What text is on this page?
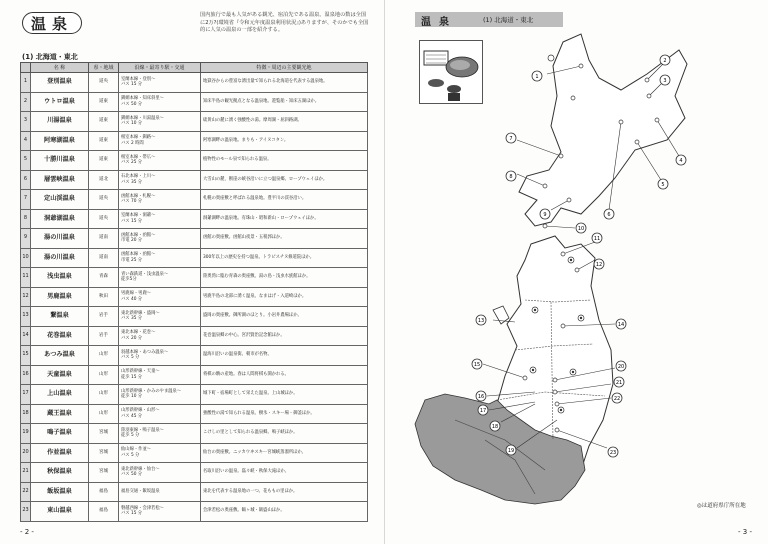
温泉	国内旅行で最も人気がある観光、宿泊先である温泉。温泉地の数は全国に2万?(環境省『令和元年度温泉利用状況』)ありますが、そのかでも全国的に人気の温泉の一部を紹介する。
(1) 北海道・東北
	名 称	県・地域	沿線・最寄り駅・交通	特徴・周辺の主要観光地
1	登別温泉	道央	室蘭本線・登別〜
バス 15 分	地獄谷からの豊富な湧出量で知られる北海道を代表する温泉地。
2	ウトロ温泉	道東	釧網本線・知床斜里〜
バス 50 分	知床半島の観光拠点となる温泉地。遊覧船・知床五湖ほか。
3	川湯温泉	道東	釧網本線・川湯温泉〜
バス 10 分	硫黄山の麓に湧く強酸性の湯。摩周湖・屈斜路湖。
4	阿寒湖温泉	道東	根室本線・釧路〜
バス 2 時間	阿寒湖畔の温泉地。まりも・アイヌコタン。
5	十勝川温泉	道東	根室本線・帯広〜
バス 25 分	植物性のモール泉で知られる温泉。
6	層雲峡温泉	道北	石北本線・上川〜
バス 35 分	大雪山の麓、断崖の峡谷沿いに立つ温泉郷。ロープウェイほか。
7	定山渓温泉	道央	函館本線・札幌〜
バス 70 分	札幌の奥座敷と呼ばれる温泉地。豊平川の渓谷沿い。
8	洞爺湖温泉	道央	室蘭本線・洞爺〜
バス 15 分	洞爺湖畔の温泉地。有珠山・昭和新山・ロープウェイほか。
9	湯の川温泉	道南	函館本線・函館〜
市電 20 分	函館の奥座敷。函館山夜景・五稜郭ほか。
10	湯の川温泉	道南	函館本線・函館〜
市電 25 分	300年以上の歴史を持つ温泉。トラピスチヌ修道院ほか。
11	浅虫温泉	青森	青い森鉄道・浅虫温泉〜
徒歩5分	陸奥湾に臨む青森の奥座敷。湯の島・浅虫水族館ほか。
12	男鹿温泉	秋田	男鹿線・男鹿〜
バス 40 分	男鹿半島の北部に湧く温泉。なまはげ・入道崎ほか。
13	繋温泉	岩手	東北新幹線・盛岡〜
バス 35 分	盛岡の奥座敷。御所湖のほとり。小岩井農場ほか。
14	花巻温泉	岩手	東北本線・花巻〜
バス 20 分	花巻温泉郷の中心。宮沢賢治記念館ほか。
15	あつみ温泉	山形	羽越本線・あつみ温泉〜
バス 5 分	温海川沿いの温泉街。朝市が名物。
16	天童温泉	山形	山形新幹線・天童〜
徒歩 15 分	将棋の駒の産地。春は人間将棋も開かれる。
17	上山温泉	山形	山形新幹線・かみのやま温泉〜
徒歩 10 分	城下町・宿場町として栄えた温泉。上山城ほか。
18	蔵王温泉	山形	山形新幹線・山形〜
バス 45 分	強酸性の湯で知られる温泉。樹氷・スキー場・御釜ほか。
19	鳴子温泉	宮城	陸羽東線・鳴子温泉〜
徒歩 5 分	こけしの里として知られる温泉郷。鳴子峡ほか。
20	作並温泉	宮城	仙山線・作並〜
バス 5 分	仙台の奥座敷。ニッカウヰスキー宮城峡蒸溜所ほか。
21	秋保温泉	宮城	東北新幹線・仙台〜
バス 50 分	名取川沿いの温泉。磊々峡・秋保大滝ほか。
22	飯坂温泉	福島	福島交通・飯坂温泉	東北を代表する温泉地の一つ。花ももの里ほか。
23	東山温泉	福島	磐越西線・会津若松〜
バス 15 分	会津若松の奥座敷。鶴ヶ城・飯盛山ほか。
- 2 -
温泉	(1) 北海道・東北
1
2
3
4
5
6
7
8
9
10
11
12
13
14
15
16
17
18
19
20
21
22
23
◎は道府県庁所在地
- 3 -
